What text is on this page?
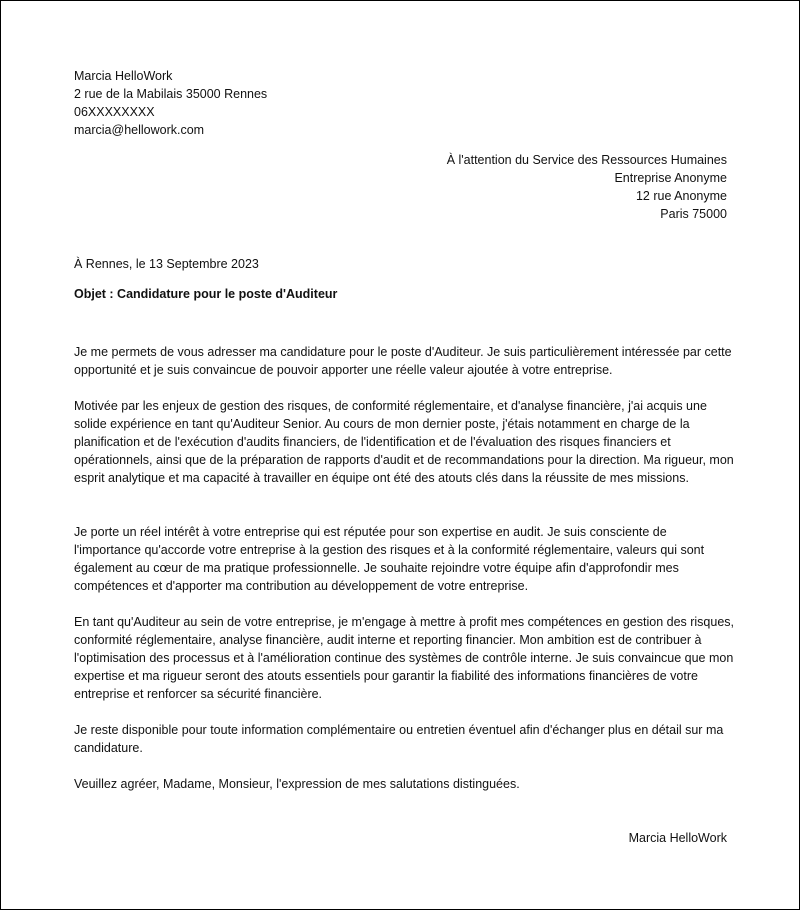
Marcia HelloWork
2 rue de la Mabilais 35000 Rennes
06XXXXXXXX
marcia@hellowork.com
À l'attention du Service des Ressources Humaines
Entreprise Anonyme
12 rue Anonyme
Paris 75000
À Rennes, le 13 Septembre 2023
Objet : Candidature pour le poste d'Auditeur

Je me permets de vous adresser ma candidature pour le poste d'Auditeur. Je suis particulièrement intéressée par cette opportunité et je suis convaincue de pouvoir apporter une réelle valeur ajoutée à votre entreprise.

Motivée par les enjeux de gestion des risques, de conformité réglementaire, et d'analyse financière, j'ai acquis une solide expérience en tant qu'Auditeur Senior. Au cours de mon dernier poste, j'étais notamment en charge de la planification et de l'exécution d'audits financiers, de l'identification et de l'évaluation des risques financiers et opérationnels, ainsi que de la préparation de rapports d'audit et de recommandations pour la direction. Ma rigueur, mon esprit analytique et ma capacité à travailler en équipe ont été des atouts clés dans la réussite de mes missions.

Je porte un réel intérêt à votre entreprise qui est réputée pour son expertise en audit. Je suis consciente de l'importance qu'accorde votre entreprise à la gestion des risques et à la conformité réglementaire, valeurs qui sont également au cœur de ma pratique professionnelle. Je souhaite rejoindre votre équipe afin d'approfondir mes compétences et d'apporter ma contribution au développement de votre entreprise.

En tant qu'Auditeur au sein de votre entreprise, je m'engage à mettre à profit mes compétences en gestion des risques, conformité réglementaire, analyse financière, audit interne et reporting financier. Mon ambition est de contribuer à l'optimisation des processus et à l'amélioration continue des systèmes de contrôle interne. Je suis convaincue que mon expertise et ma rigueur seront des atouts essentiels pour garantir la fiabilité des informations financières de votre entreprise et renforcer sa sécurité financière.

Je reste disponible pour toute information complémentaire ou entretien éventuel afin d'échanger plus en détail sur ma candidature.

Veuillez agréer, Madame, Monsieur, l'expression de mes salutations distinguées.

Marcia HelloWork
